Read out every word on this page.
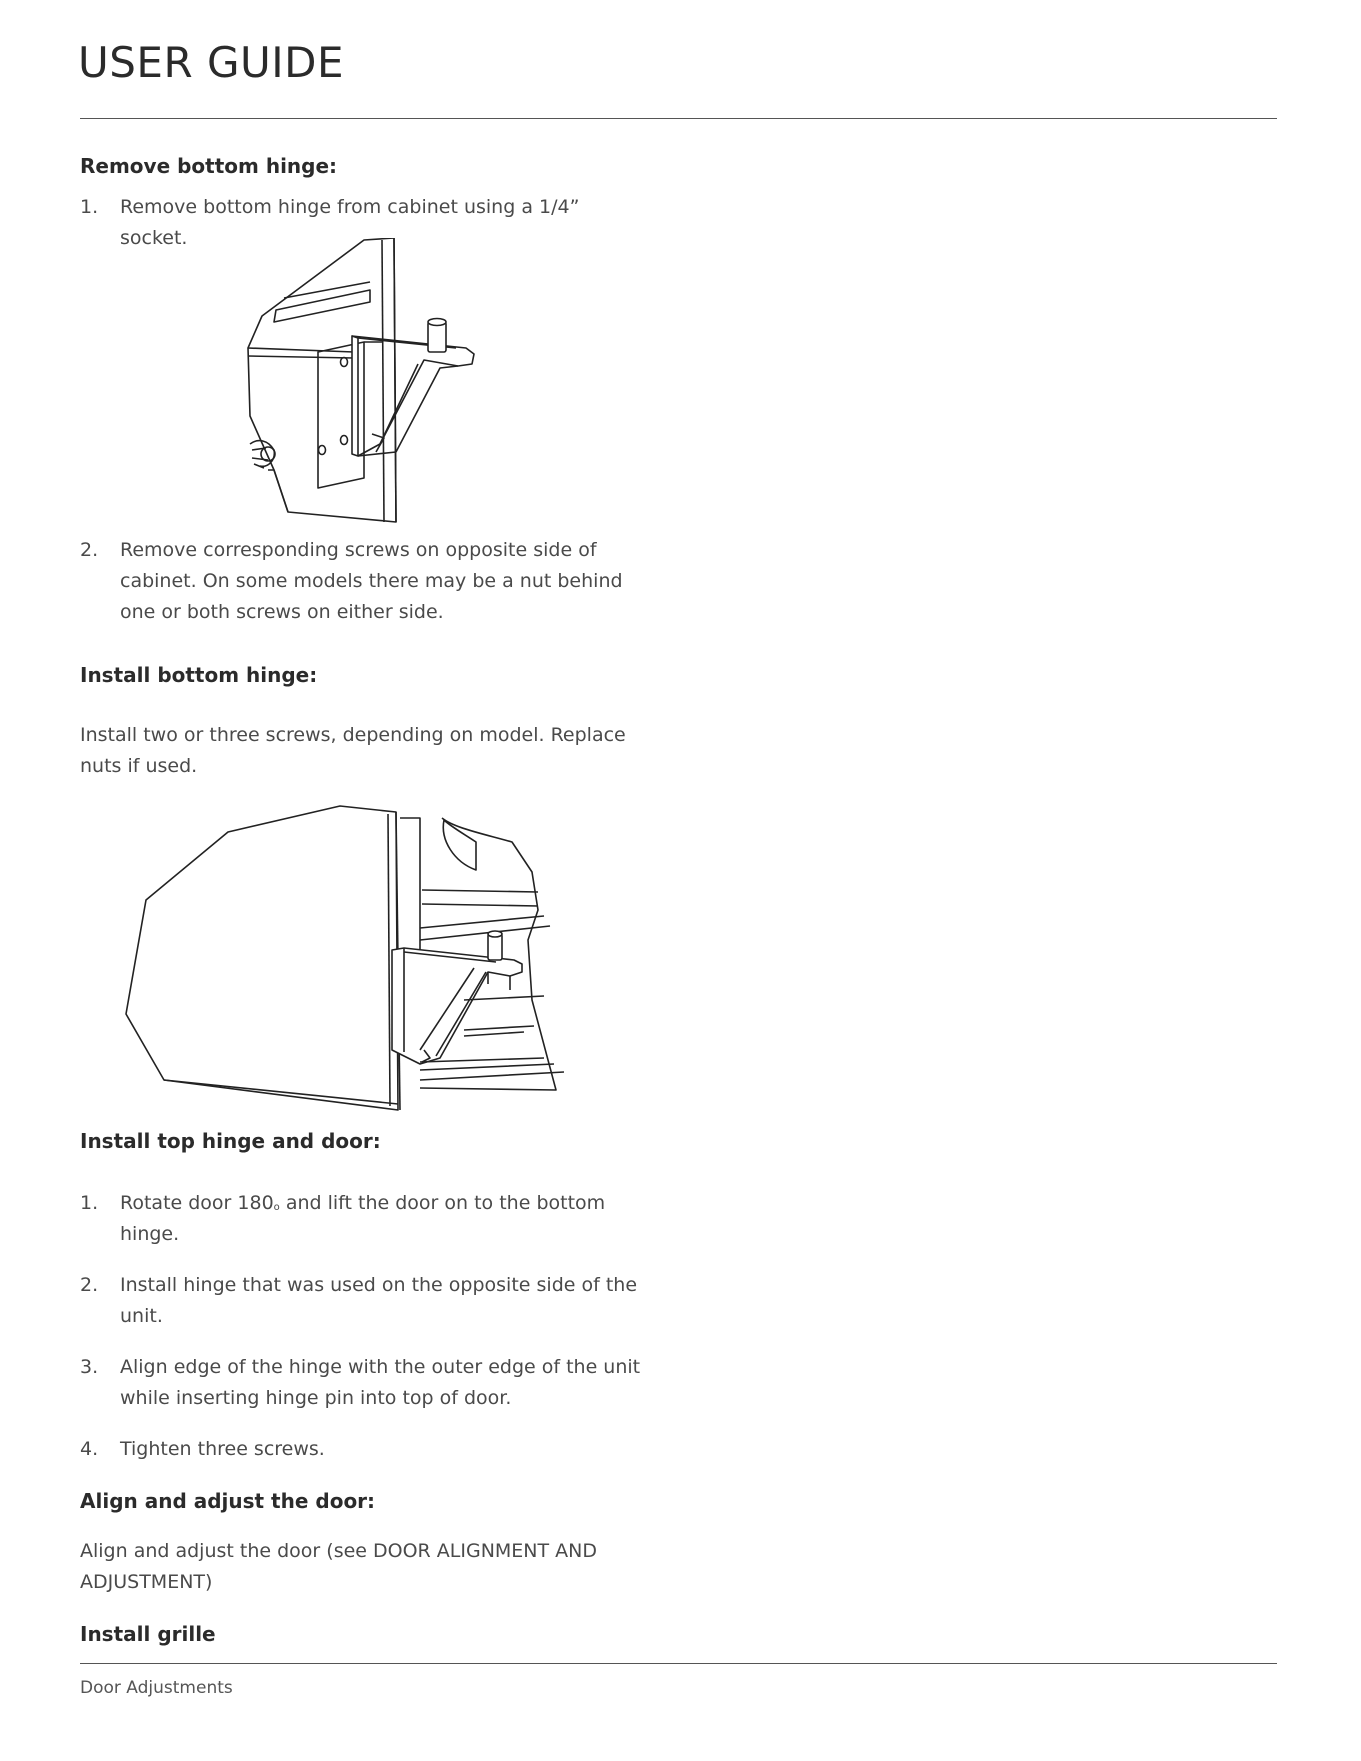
USER GUIDE
Remove bottom hinge:
1. Remove bottom hinge from cabinet using a 1/4” socket.
2. Remove corresponding screws on opposite side of cabinet. On some models there may be a nut behind one or both screws on either side.
Install bottom hinge:

Install two or three screws, depending on model. Replace nuts if used.

Install top hinge and door:
1. Rotate door 180$^o$ and lift the door on to the bottom hinge.
2. Install hinge that was used on the opposite side of the unit.
3. Align edge of the hinge with the outer edge of the unit while inserting hinge pin into top of door.
4. Tighten three screws.
Align and adjust the door:

Align and adjust the door (see DOOR ALIGNMENT AND ADJUSTMENT)

Install grille
Door Adjustments
